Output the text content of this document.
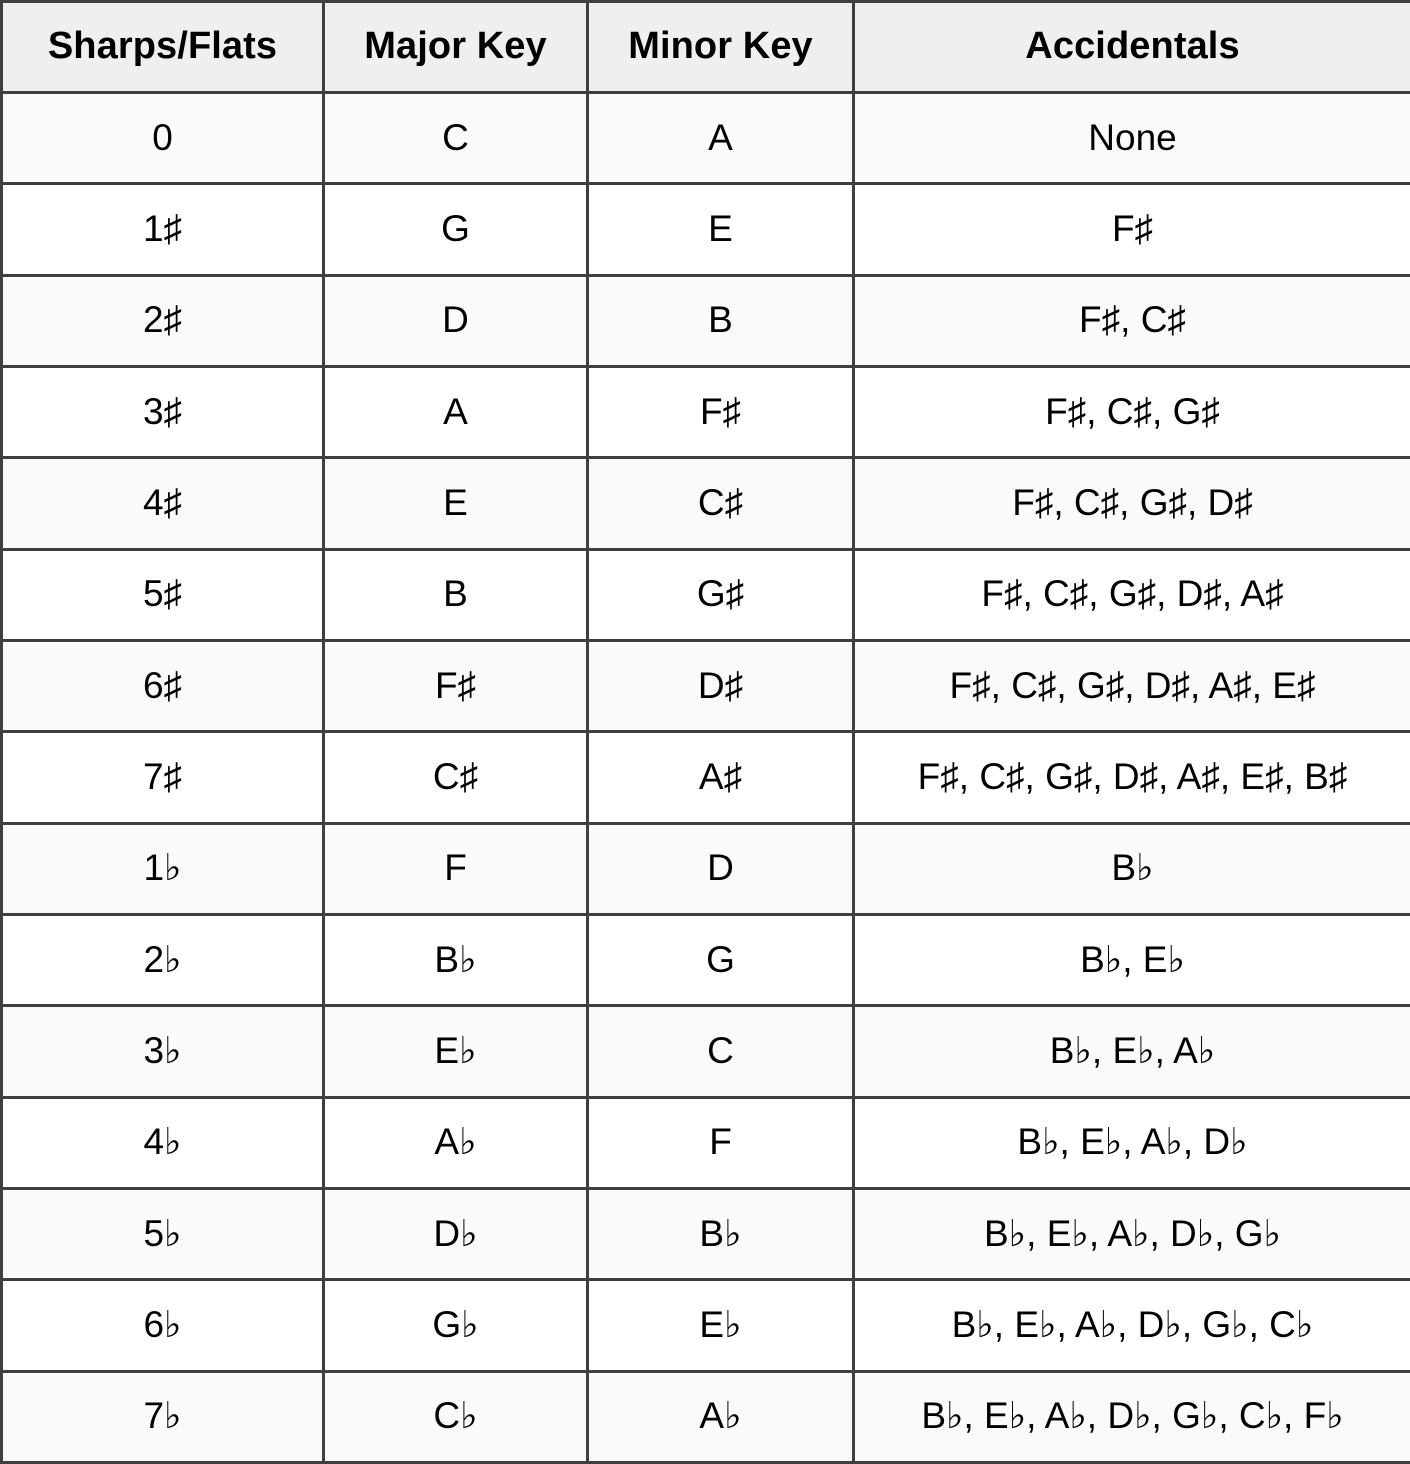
Sharps/Flats	Major Key	Minor Key	Accidentals
0	C	A	None
1♯	G	E	F♯
2♯	D	B	F♯, C♯
3♯	A	F♯	F♯, C♯, G♯
4♯	E	C♯	F♯, C♯, G♯, D♯
5♯	B	G♯	F♯, C♯, G♯, D♯, A♯
6♯	F♯	D♯	F♯, C♯, G♯, D♯, A♯, E♯
7♯	C♯	A♯	F♯, C♯, G♯, D♯, A♯, E♯, B♯
1♭	F	D	B♭
2♭	B♭	G	B♭, E♭
3♭	E♭	C	B♭, E♭, A♭
4♭	A♭	F	B♭, E♭, A♭, D♭
5♭	D♭	B♭	B♭, E♭, A♭, D♭, G♭
6♭	G♭	E♭	B♭, E♭, A♭, D♭, G♭, C♭
7♭	C♭	A♭	B♭, E♭, A♭, D♭, G♭, C♭, F♭
